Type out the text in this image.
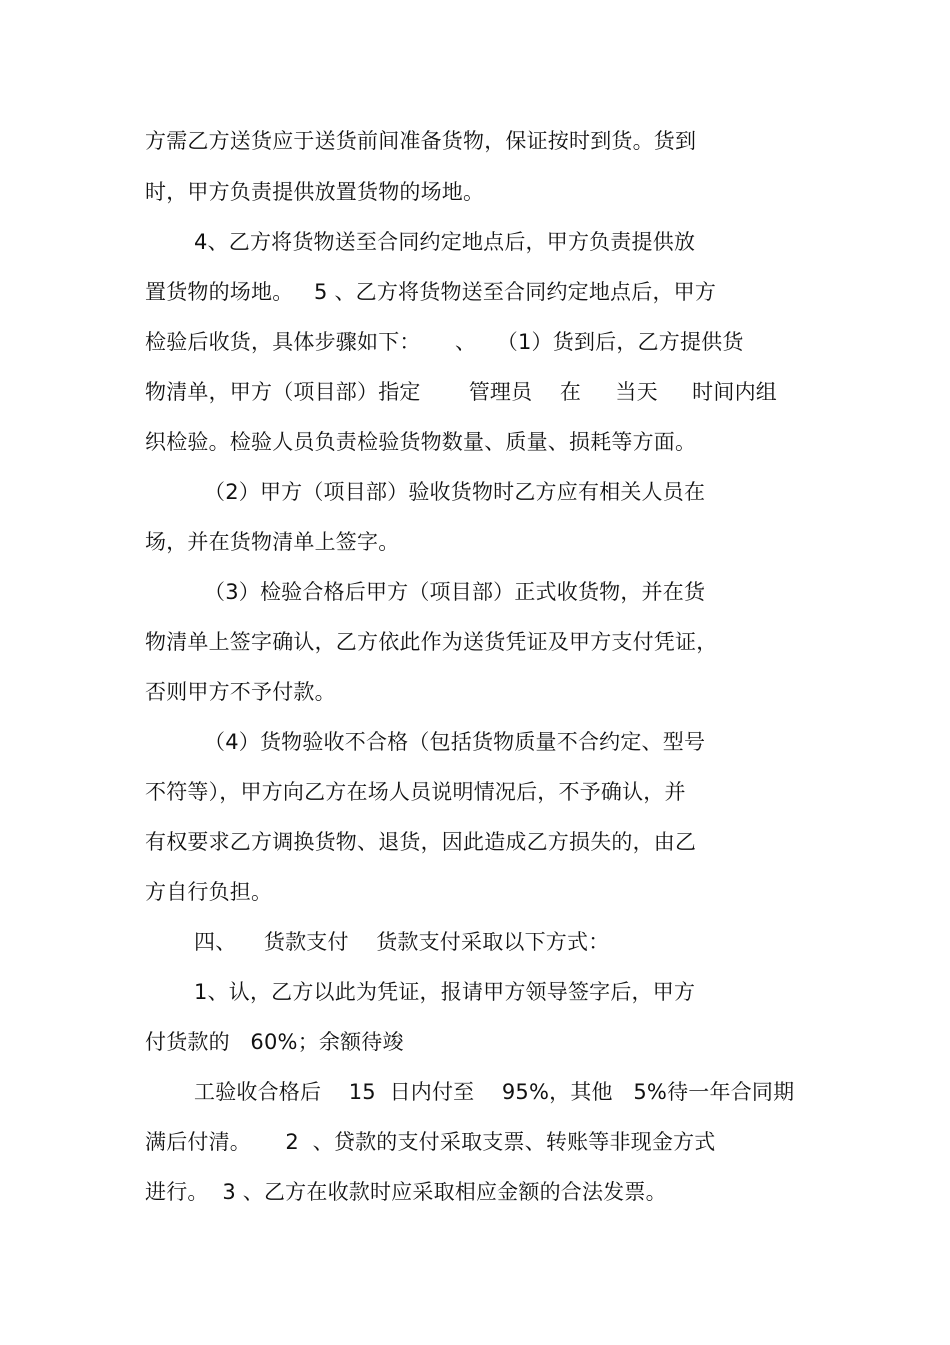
方需乙方送货应于送货前间准备货物，保证按时到货。货到
时，甲方负责提供放置货物的场地。
4、乙方将货物送至合同约定地点后，甲方负责提供放
置货物的场地。   5 、乙方将货物送至合同约定地点后，甲方
检验后收货，具体步骤如下：     、   （1）货到后，乙方提供货
物清单，甲方（项目部）指定       管理员    在     当天     时间内组
织检验。检验人员负责检验货物数量、质量、损耗等方面。
（2）甲方（项目部）验收货物时乙方应有相关人员在
场，并在货物清单上签字。
（3）检验合格后甲方（项目部）正式收货物，并在货
物清单上签字确认，乙方依此作为送货凭证及甲方支付凭证，
否则甲方不予付款。
（4）货物验收不合格（包括货物质量不合约定、型号
不符等），甲方向乙方在场人员说明情况后，不予确认，并
有权要求乙方调换货物、退货，因此造成乙方损失的，由乙
方自行负担。
四、    货款支付    货款支付采取以下方式：
1、认，乙方以此为凭证，报请甲方领导签字后，甲方
付货款的   60%；余额待竣
工验收合格后    15  日内付至    95%，其他   5%待一年合同期
满后付清。     2  、贷款的支付采取支票、转账等非现金方式
进行。  3 、乙方在收款时应采取相应金额的合法发票。
